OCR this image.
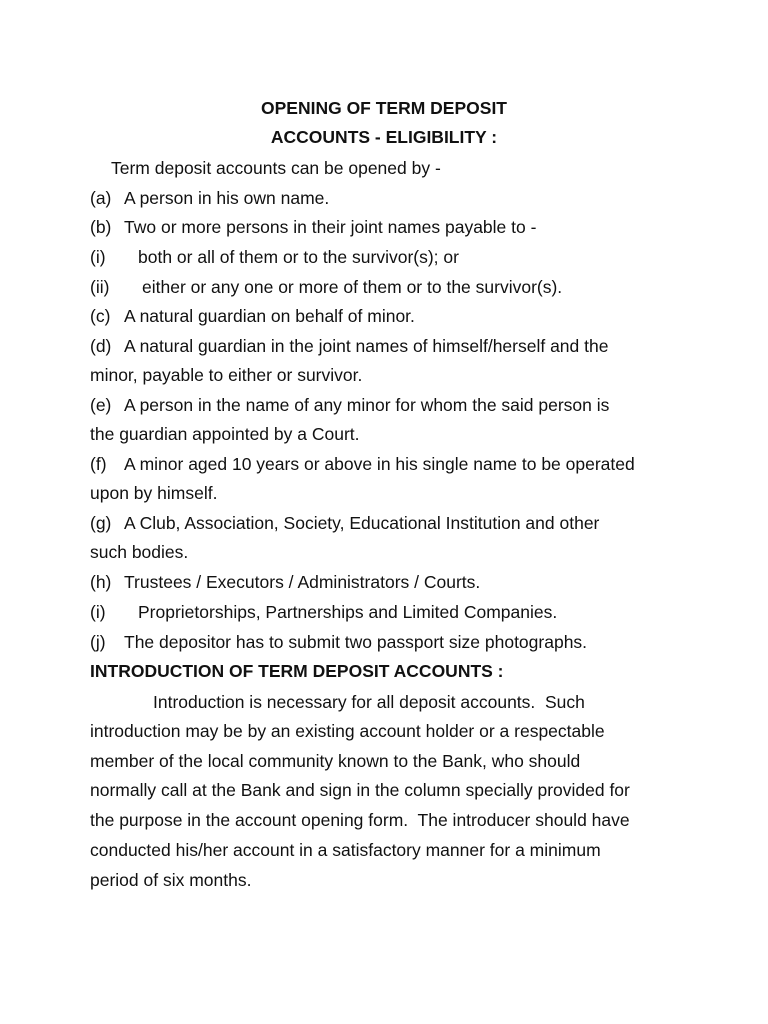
OPENING OF TERM DEPOSIT
ACCOUNTS - ELIGIBILITY :
Term deposit accounts can be opened by -
(a) A person in his own name.
(b) Two or more persons in their joint names payable to -
(i) both or all of them or to the survivor(s); or
(ii) either or any one or more of them or to the survivor(s).
(c) A natural guardian on behalf of minor.
(d) A natural guardian in the joint names of himself/herself and the
minor, payable to either or survivor.
(e) A person in the name of any minor for whom the said person is
the guardian appointed by a Court.
(f) A minor aged 10 years or above in his single name to be operated
upon by himself.
(g) A Club, Association, Society, Educational Institution and other
such bodies.
(h) Trustees / Executors / Administrators / Courts.
(i) Proprietorships, Partnerships and Limited Companies.
(j) The depositor has to submit two passport size photographs.
INTRODUCTION OF TERM DEPOSIT ACCOUNTS :
Introduction is necessary for all deposit accounts.  Such
introduction may be by an existing account holder or a respectable
member of the local community known to the Bank, who should
normally call at the Bank and sign in the column specially provided for
the purpose in the account opening form.  The introducer should have
conducted his/her account in a satisfactory manner for a minimum
period of six months.
